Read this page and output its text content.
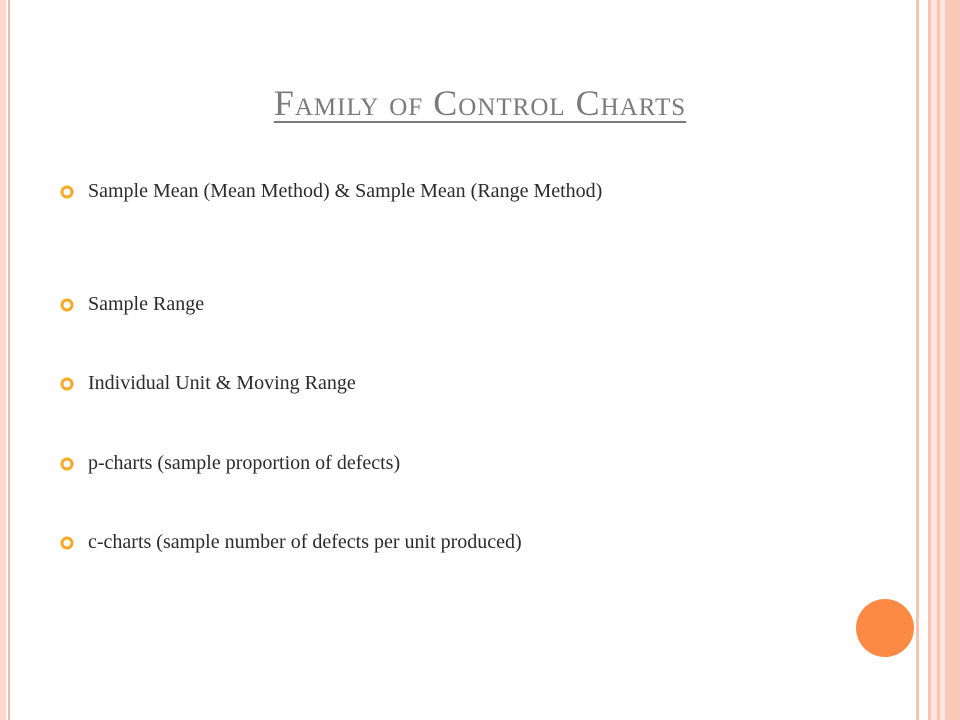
Family of Control Charts
Sample Mean (Mean Method) & Sample Mean (Range Method)
Sample Range
Individual Unit & Moving Range
p-charts (sample proportion of defects)
c-charts (sample number of defects per unit produced)
